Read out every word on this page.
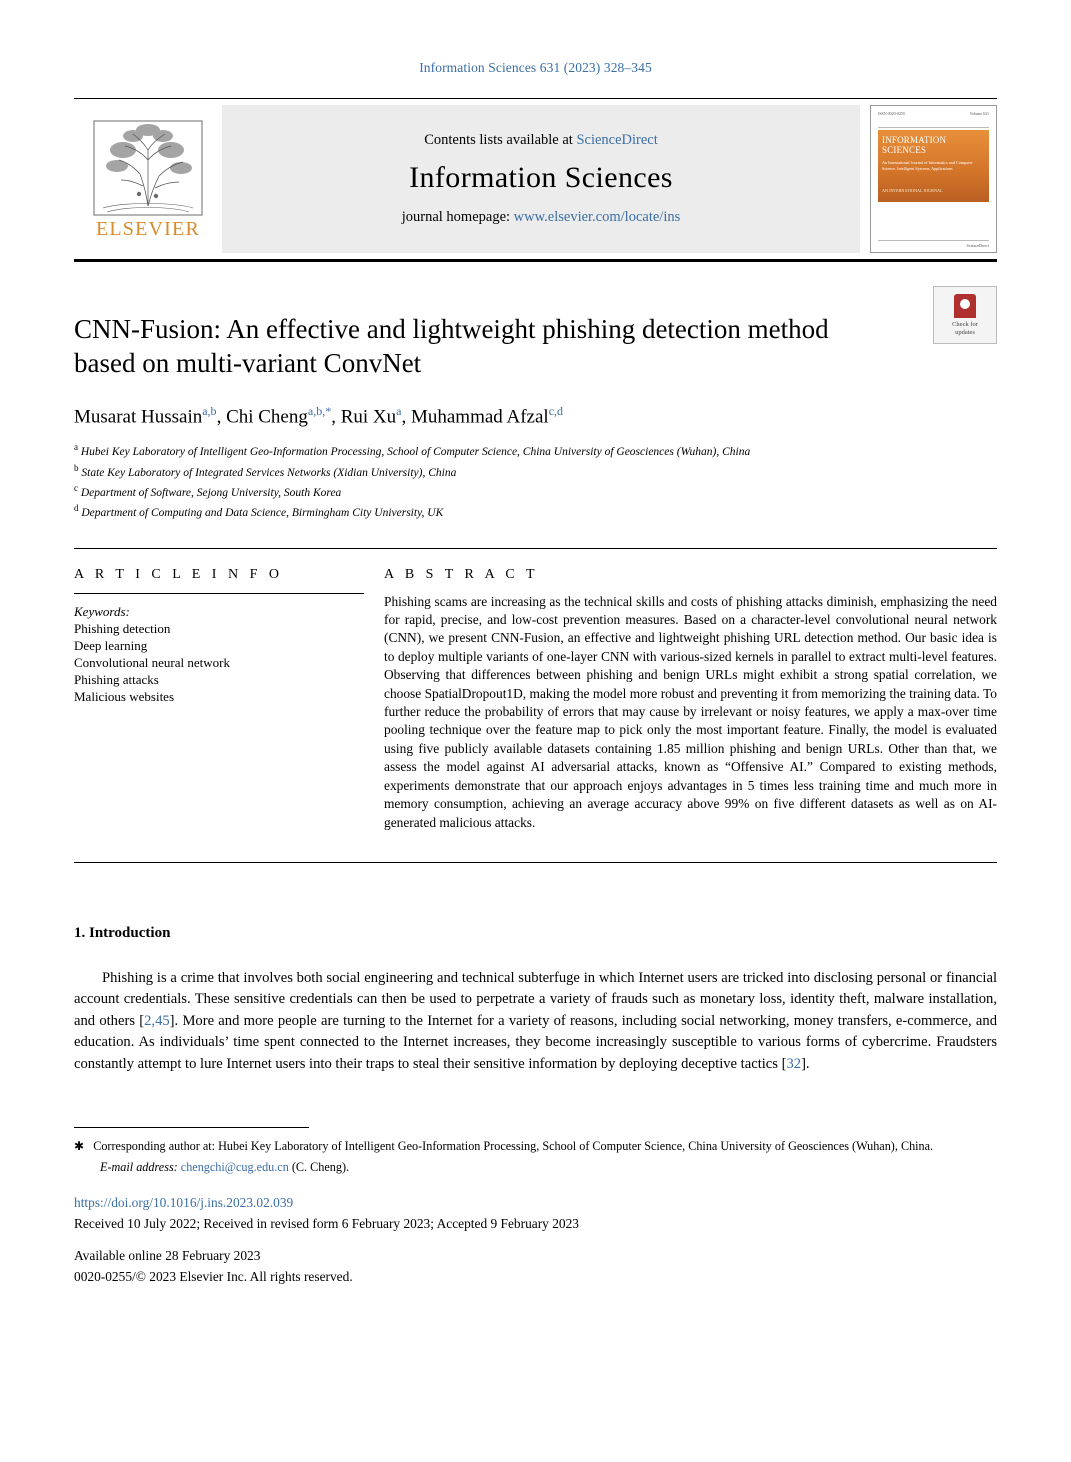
Information Sciences 631 (2023) 328–345
ELSEVIER
Contents lists available at ScienceDirect
Information Sciences
journal homepage: www.elsevier.com/locate/ins
ISSN 0020-0255	Volume 631
INFORMATION
SCIENCES
An International Journal of Informatics and Computer Science, Intelligent Systems, Applications
AN INTERNATIONAL JOURNAL
ScienceDirect
Check for
updates
CNN-Fusion: An effective and lightweight phishing detection method based on multi-variant ConvNet
Musarat Hussain$^{a,b}$, Chi Cheng$^{a,b,*}$, Rui Xu$^a$, Muhammad Afzal$^{c,d}$
$^a$ Hubei Key Laboratory of Intelligent Geo-Information Processing, School of Computer Science, China University of Geosciences (Wuhan), China
$^b$ State Key Laboratory of Integrated Services Networks (Xidian University), China
$^c$ Department of Software, Sejong University, South Korea
$^d$ Department of Computing and Data Science, Birmingham City University, UK
A R T I C L E I N F O
Keywords:
Phishing detection
Deep learning
Convolutional neural network
Phishing attacks
Malicious websites
A B S T R A C T
Phishing scams are increasing as the technical skills and costs of phishing attacks diminish, emphasizing the need for rapid, precise, and low-cost prevention measures. Based on a character-level convolutional neural network (CNN), we present CNN-Fusion, an effective and lightweight phishing URL detection method. Our basic idea is to deploy multiple variants of one-layer CNN with various-sized kernels in parallel to extract multi-level features. Observing that differences between phishing and benign URLs might exhibit a strong spatial correlation, we choose SpatialDropout1D, making the model more robust and preventing it from memorizing the training data. To further reduce the probability of errors that may cause by irrelevant or noisy features, we apply a max-over time pooling technique over the feature map to pick only the most important feature. Finally, the model is evaluated using five publicly available datasets containing 1.85 million phishing and benign URLs. Other than that, we assess the model against AI adversarial attacks, known as “Offensive AI.” Compared to existing methods, experiments demonstrate that our approach enjoys advantages in 5 times less training time and much more in memory consumption, achieving an average accuracy above 99% on five different datasets as well as on AI-generated malicious attacks.
1. Introduction
Phishing is a crime that involves both social engineering and technical subterfuge in which Internet users are tricked into disclosing personal or financial account credentials. These sensitive credentials can then be used to perpetrate a variety of frauds such as monetary loss, identity theft, malware installation, and others [2,45]. More and more people are turning to the Internet for a variety of reasons, including social networking, money transfers, e-commerce, and education. As individuals’ time spent connected to the Internet increases, they become increasingly susceptible to various forms of cybercrime. Fraudsters constantly attempt to lure Internet users into their traps to steal their sensitive information by deploying deceptive tactics [32].
✱ Corresponding author at: Hubei Key Laboratory of Intelligent Geo-Information Processing, School of Computer Science, China University of Geosciences (Wuhan), China.
E-mail address: chengchi@cug.edu.cn (C. Cheng).
https://doi.org/10.1016/j.ins.2023.02.039
Received 10 July 2022; Received in revised form 6 February 2023; Accepted 9 February 2023
Available online 28 February 2023
0020-0255/© 2023 Elsevier Inc. All rights reserved.
